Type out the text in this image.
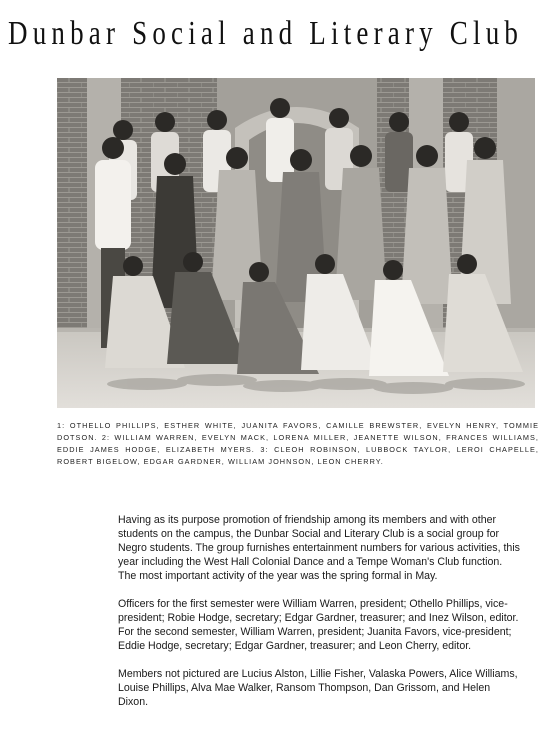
Dunbar Social and Literary Club
1: OTHELLO PHILLIPS, ESTHER WHITE, JUANITA FAVORS, CAMILLE BREWSTER, EVELYN HENRY, TOMMIE DOTSON. 2: WILLIAM WARREN, EVELYN MACK, LORENA MILLER, JEANETTE WILSON, FRANCES WILLIAMS, EDDIE JAMES HODGE, ELIZABETH MYERS. 3: CLEOH ROBINSON, LUBBOCK TAYLOR, LEROI CHAPELLE, ROBERT BIGELOW, EDGAR GARDNER, WILLIAM JOHNSON, LEON CHERRY.

Having as its purpose promotion of friendship among its members and with other students on the campus, the Dunbar Social and Literary Club is a social group for Negro students. The group furnishes entertainment numbers for various activities, this year including the West Hall Colonial Dance and a Tempe Woman's Club function. The most important activity of the year was the spring formal in May.

Officers for the first semester were William Warren, president; Othello Phillips, vice-president; Robie Hodge, secretary; Edgar Gardner, treasurer; and Inez Wilson, editor. For the second semester, William Warren, president; Juanita Favors, vice-president; Eddie Hodge, secretary; Edgar Gardner, treasurer; and Leon Cherry, editor.

Members not pictured are Lucius Alston, Lillie Fisher, Valaska Powers, Alice Williams, Louise Phillips, Alva Mae Walker, Ransom Thompson, Dan Grissom, and Helen Dixon.
